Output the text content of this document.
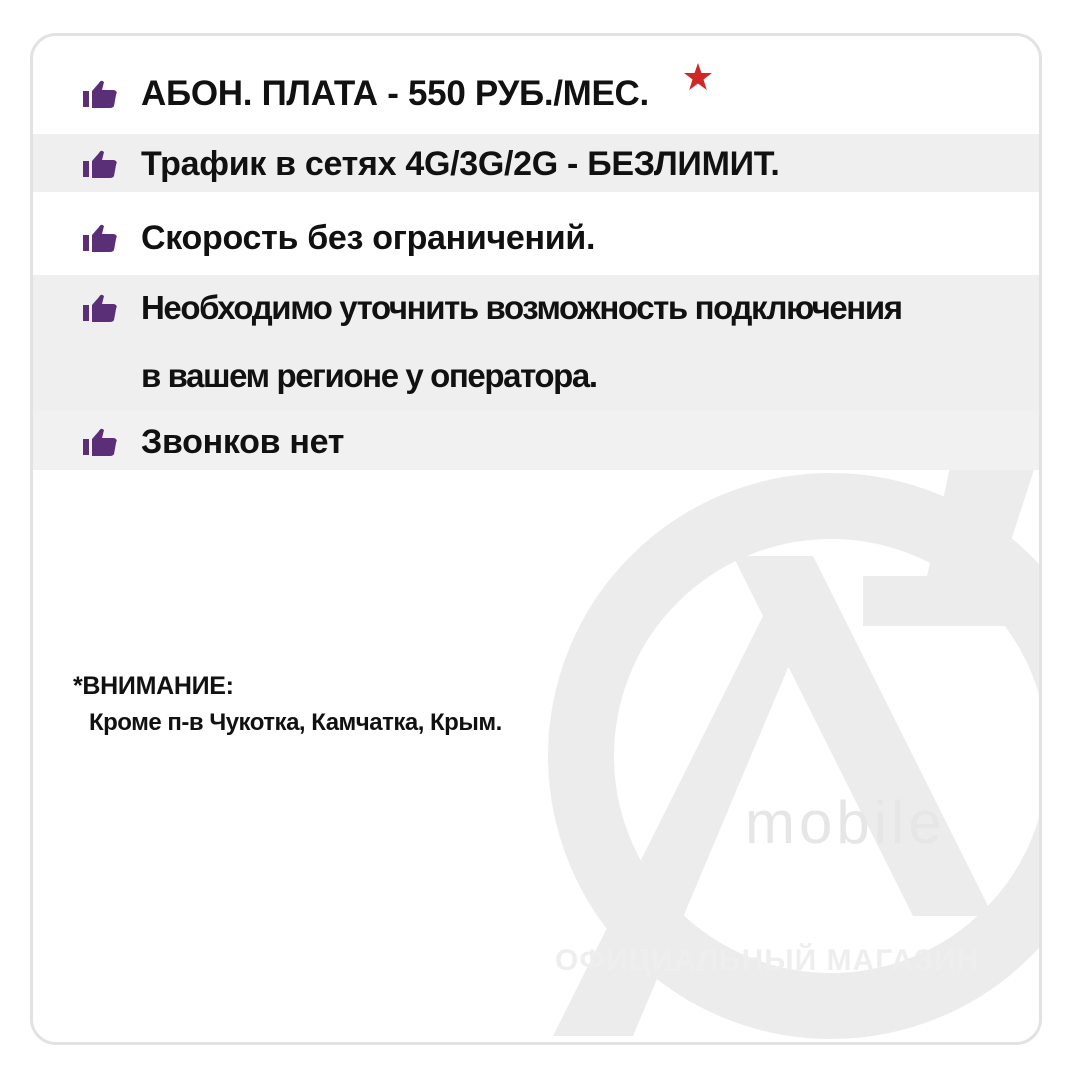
mobile
ОФИЦИАЛЬНЫЙ МАГАЗИН
АБОН. ПЛАТА - 550 РУБ./МЕС.
Трафик в сетях 4G/3G/2G - БЕЗЛИМИТ.
Скорость без ограничений.
Необходимо уточнить возможность подключения
в вашем регионе у оператора.
Звонков нет
*ВНИМАНИЕ:
Кроме п-в Чукотка, Камчатка, Крым.
